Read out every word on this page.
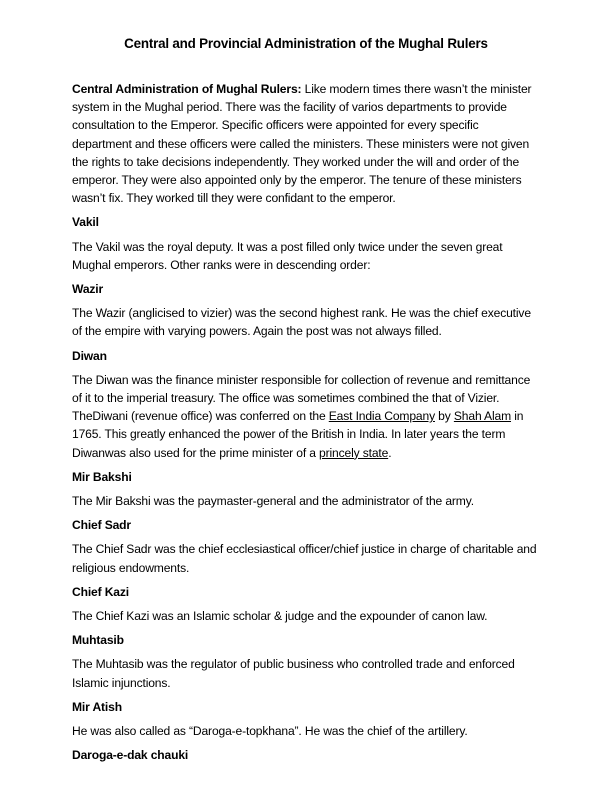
Central and Provincial Administration of the Mughal Rulers

Central Administration of Mughal Rulers: Like modern times there wasn’t the minister system in the Mughal period. There was the facility of varios departments to provide consultation to the Emperor. Specific officers were appointed for every specific department and these officers were called the ministers. These ministers were not given the rights to take decisions independently. They worked under the will and order of the emperor. They were also appointed only by the emperor. The tenure of these ministers wasn’t fix. They worked till they were confidant to the emperor.

Vakil

The Vakil was the royal deputy. It was a post filled only twice under the seven great Mughal emperors. Other ranks were in descending order:

Wazir

The Wazir (anglicised to vizier) was the second highest rank. He was the chief executive of the empire with varying powers. Again the post was not always filled.

Diwan

The Diwan was the finance minister responsible for collection of revenue and remittance of it to the imperial treasury. The office was sometimes combined the that of Vizier. TheDiwani (revenue office) was conferred on the East India Company by Shah Alam in 1765. This greatly enhanced the power of the British in India. In later years the term Diwanwas also used for the prime minister of a princely state.

Mir Bakshi

The Mir Bakshi was the paymaster-general and the administrator of the army.

Chief Sadr

The Chief Sadr was the chief ecclesiastical officer/chief justice in charge of charitable and religious endowments.

Chief Kazi

The Chief Kazi was an Islamic scholar & judge and the expounder of canon law.

Muhtasib

The Muhtasib was the regulator of public business who controlled trade and enforced Islamic injunctions.

Mir Atish

He was also called as “Daroga-e-topkhana”. He was the chief of the artillery.

Daroga-e-dak chauki
